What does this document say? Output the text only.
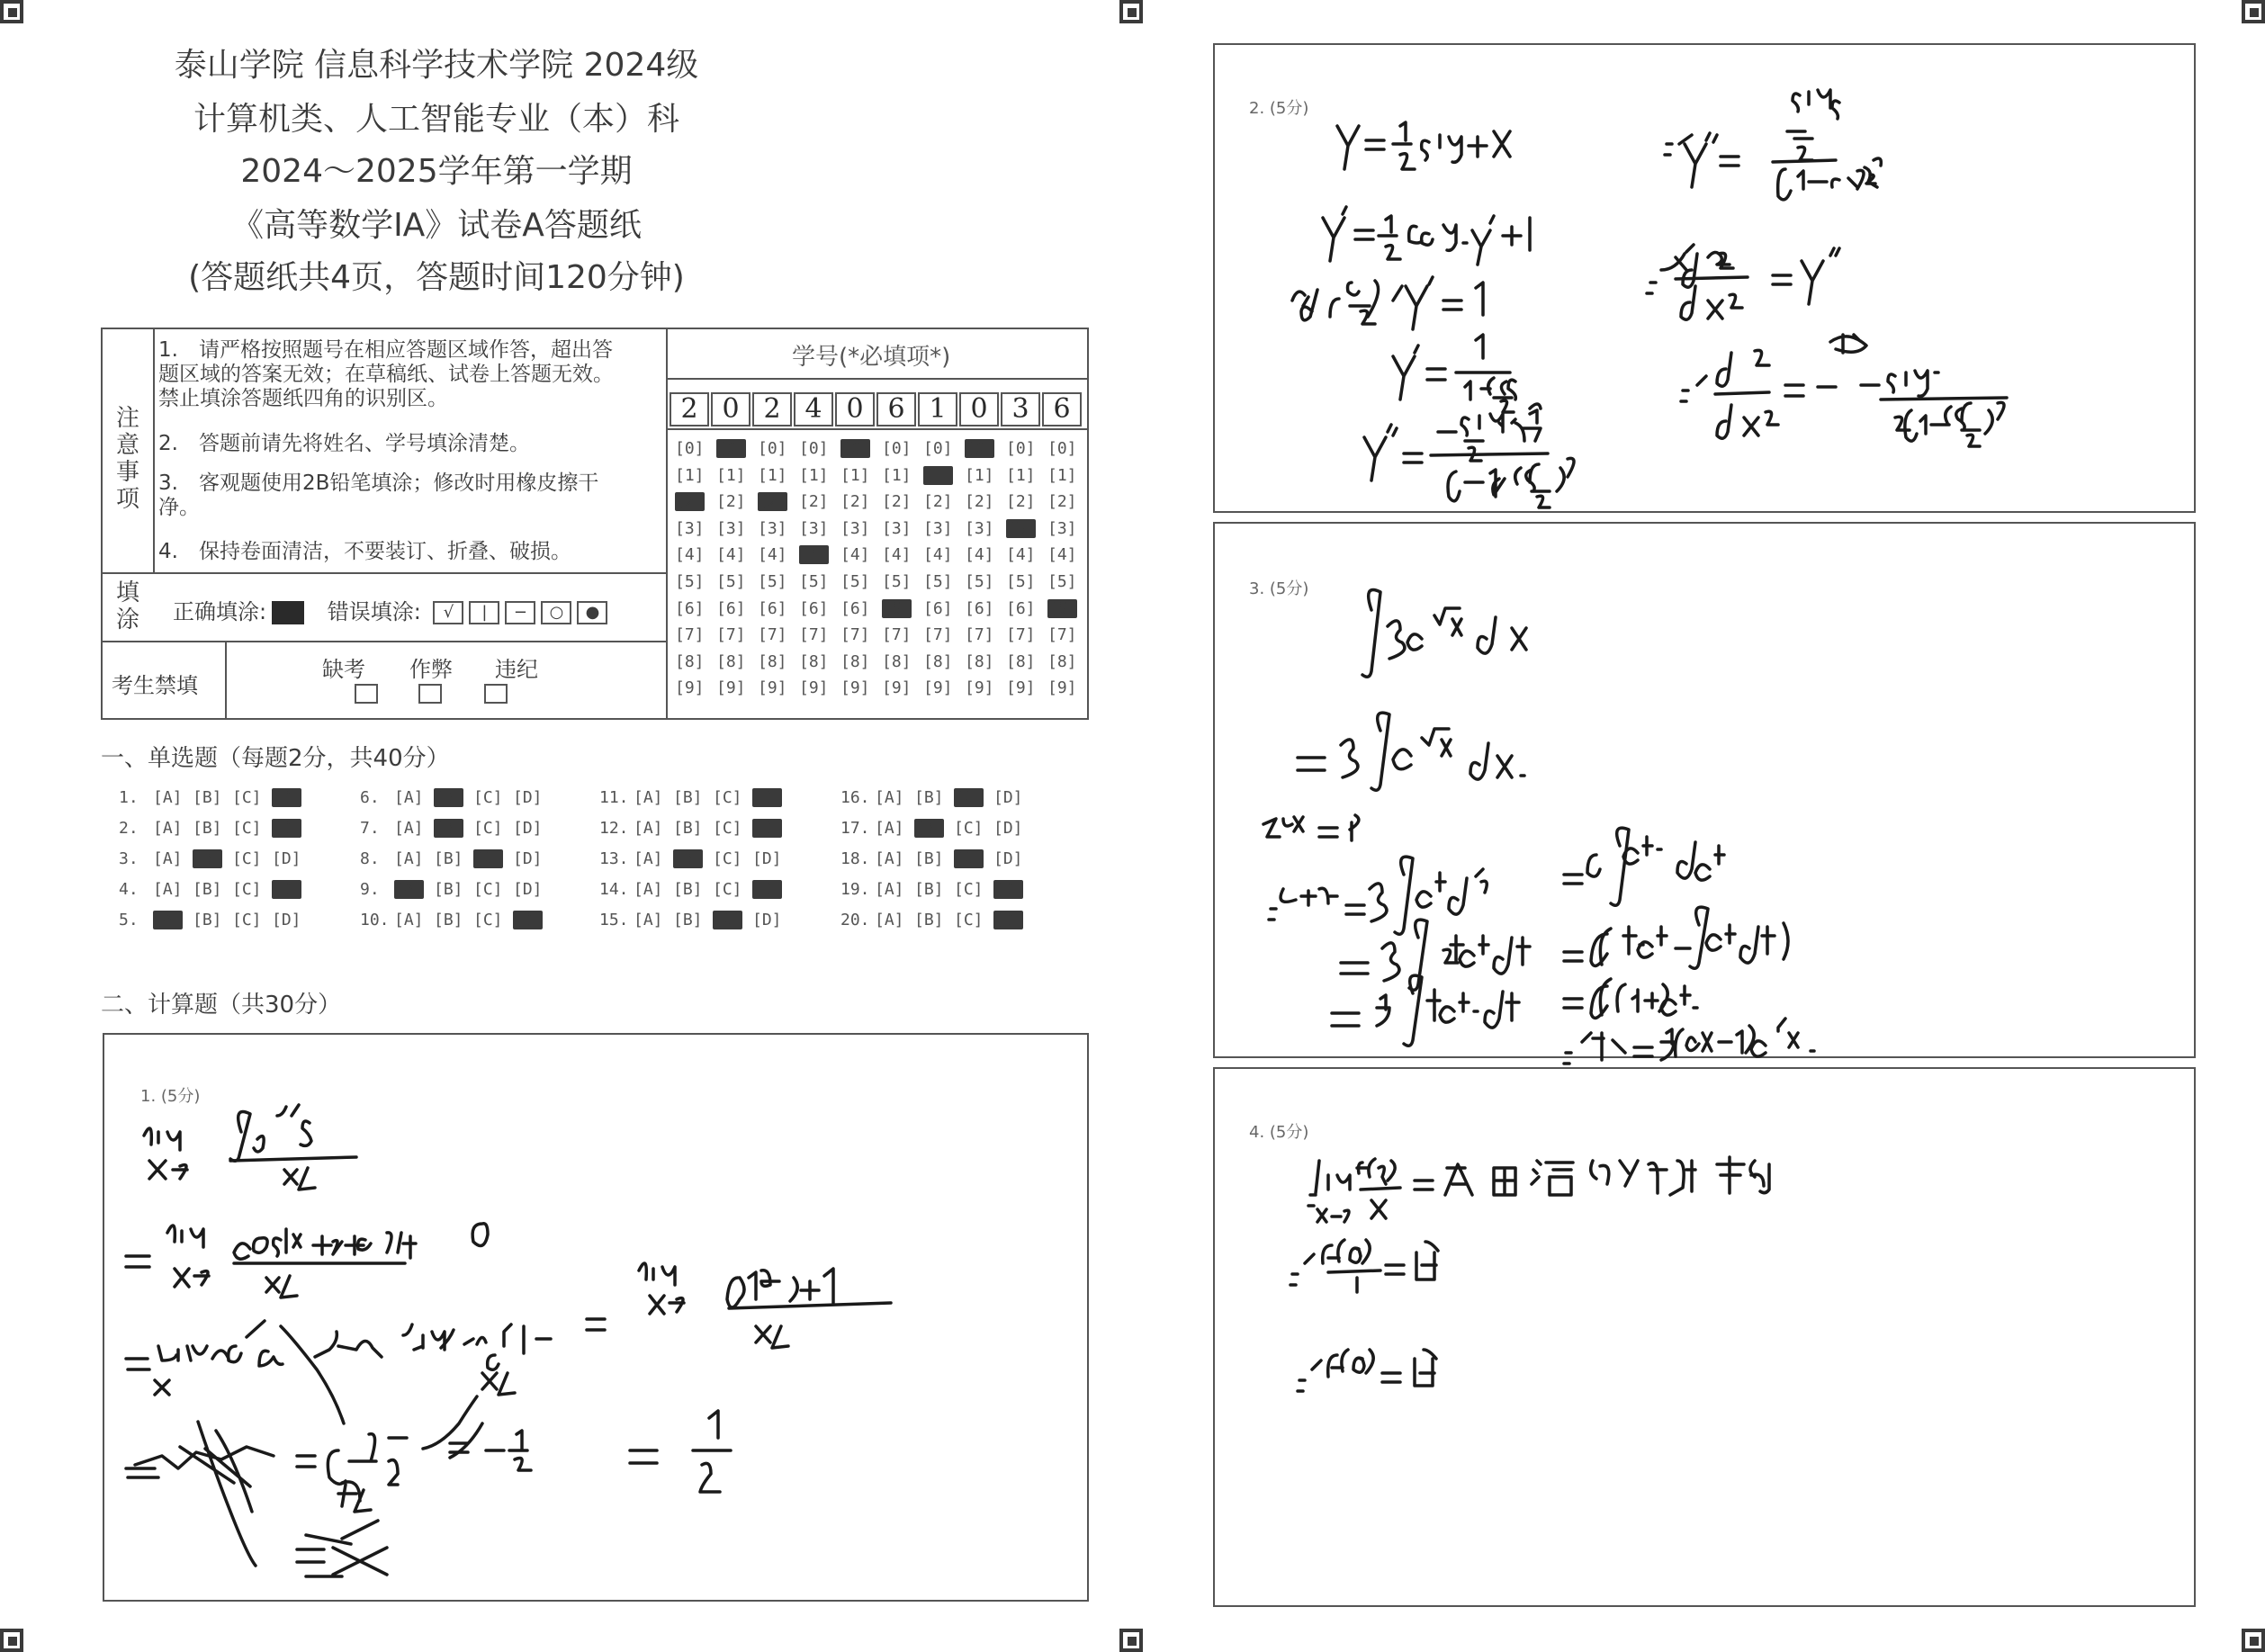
泰山学院 信息科学技术学院 2024级
计算机类、人工智能专业（本）科
2024～2025学年第一学期
《高等数学IA》试卷A答题纸
(答题纸共4页，答题时间120分钟)
注意事项
1.　请严格按照题号在相应答题区域作答，超出答题区域的答案无效；在草稿纸、试卷上答题无效。禁止填涂答题纸四角的识别区。
2.　答题前请先将姓名、学号填涂清楚。
3.　客观题使用2B铅笔填涂；修改时用橡皮擦干净。
4.　保持卷面清洁，不要装订、折叠、破损。
填涂 正确填涂:	错误填涂: √ | − ○ ●
考生禁填
缺考 作弊 违纪
学号(*必填项*)
2 0 2 4 0 6 1 0 3 6
[0] [0] [0] [0] [0] [0] [0] [0] [0] [0]
[1] [1] [1] [1] [1] [1] [1] [1] [1] [1]
[2] [2] [2] [2] [2] [2] [2] [2] [2] [2]
[3] [3] [3] [3] [3] [3] [3] [3] [3] [3]
[4] [4] [4] [4] [4] [4] [4] [4] [4] [4]
[5] [5] [5] [5] [5] [5] [5] [5] [5] [5]
[6] [6] [6] [6] [6] [6] [6] [6] [6] [6]
[7] [7] [7] [7] [7] [7] [7] [7] [7] [7]
[8] [8] [8] [8] [8] [8] [8] [8] [8] [8]
[9] [9] [9] [9] [9] [9] [9] [9] [9] [9]
一、单选题（每题2分，共40分）
1. [A] [B] [C] [D]
2. [A] [B] [C] [D]
3. [A] [B] [C] [D]
4. [A] [B] [C] [D]
5. [A] [B] [C] [D]
6. [A] [B] [C] [D]
7. [A] [B] [C] [D]
8. [A] [B] [C] [D]
9. [A] [B] [C] [D]
10. [A] [B] [C] [D]
11. [A] [B] [C] [D]
12. [A] [B] [C] [D]
13. [A] [B] [C] [D]
14. [A] [B] [C] [D]
15. [A] [B] [C] [D]
16. [A] [B] [C] [D]
17. [A] [B] [C] [D]
18. [A] [B] [C] [D]
19. [A] [B] [C] [D]
20. [A] [B] [C] [D]
二、计算题（共30分）
1. (5分)
2. (5分)
3. (5分)
4. (5分)
